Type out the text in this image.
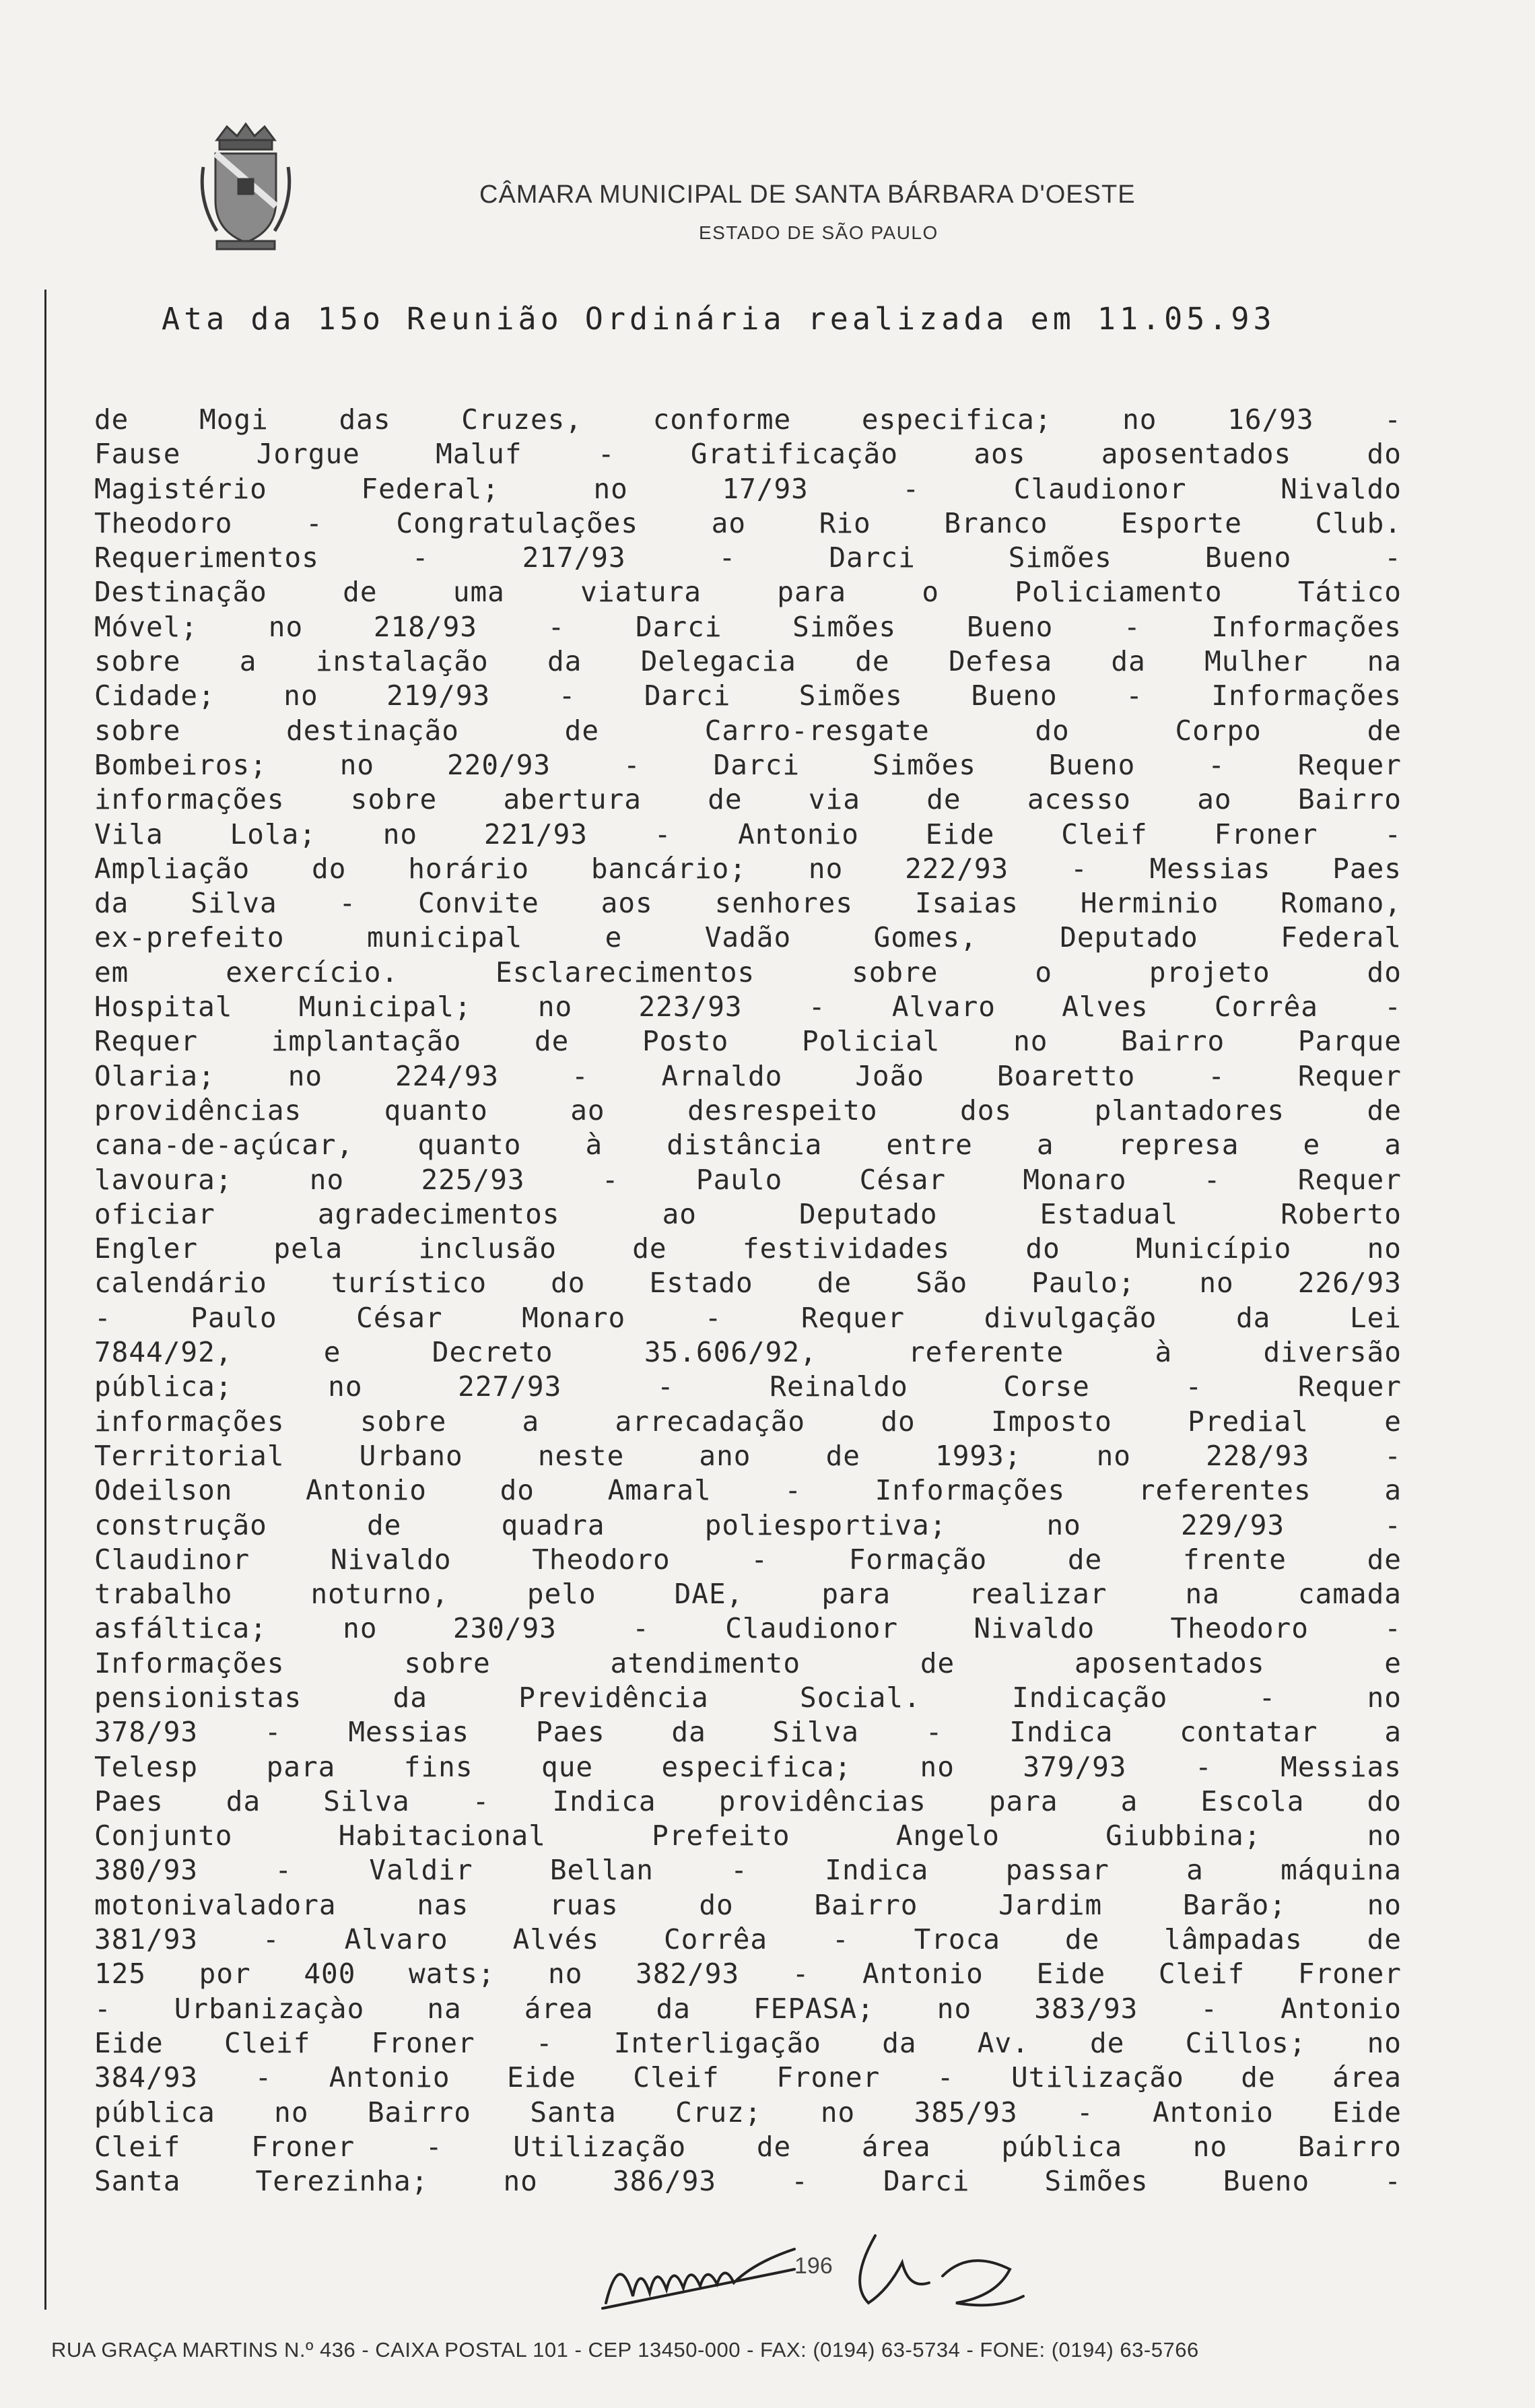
CÂMARA MUNICIPAL DE SANTA BÁRBARA D'OESTE
ESTADO DE SÃO PAULO
Ata da 15o Reunião Ordinária realizada em 11.05.93
de	Mogi	das	Cruzes,	conforme	especifica;	no	16/93	-
Fause	Jorgue	Maluf	-	Gratificação	aos	aposentados	do
Magistério	Federal;	no	17/93	-	Claudionor	Nivaldo
Theodoro	-	Congratulações	ao	Rio	Branco	Esporte	Club.
Requerimentos	-	217/93	-	Darci	Simões	Bueno	-
Destinação	de	uma	viatura	para	o	Policiamento	Tático
Móvel;	no	218/93	-	Darci	Simões	Bueno	-	Informações
sobre a instalação da Delegacia de Defesa da Mulher na
Cidade; no 219/93 - Darci Simões Bueno - Informações
sobre	destinação	de	Carro-resgate	do	Corpo	de
Bombeiros;	no	220/93	-	Darci	Simões	Bueno	-	Requer
informações sobre abertura de via de acesso ao Bairro
Vila Lola; no 221/93 - Antonio Eide Cleif Froner -
Ampliação do horário bancário; no 222/93 - Messias Paes
da Silva - Convite aos senhores Isaias Herminio Romano,
ex-prefeito	municipal	e	Vadão	Gomes,	Deputado	Federal
em	exercício.	Esclarecimentos	sobre	o	projeto	do
Hospital Municipal; no 223/93 - Alvaro Alves Corrêa -
Requer	implantação	de	Posto	Policial	no	Bairro	Parque
Olaria;	no	224/93	-	Arnaldo	João	Boaretto	-	Requer
providências	quanto	ao	desrespeito	dos	plantadores	de
cana-de-açúcar, quanto à distância entre a represa e a
lavoura;	no	225/93	-	Paulo	César	Monaro	-	Requer
oficiar	agradecimentos	ao	Deputado	Estadual	Roberto
Engler	pela	inclusão	de	festividades	do	Município	no
calendário turístico do Estado de São Paulo; no 226/93
-	Paulo	César	Monaro	-	Requer	divulgação	da	Lei
7844/92,	e	Decreto	35.606/92,	referente	à	diversão
pública;	no	227/93	-	Reinaldo	Corse	-	Requer
informações	sobre	a	arrecadação	do	Imposto	Predial	e
Territorial	Urbano	neste	ano	de	1993;	no	228/93	-
Odeilson	Antonio	do	Amaral	-	Informações	referentes	a
construção	de	quadra	poliesportiva;	no	229/93	-
Claudinor	Nivaldo	Theodoro	-	Formação	de	frente	de
trabalho	noturno,	pelo	DAE,	para	realizar	na	camada
asfáltica;	no	230/93	-	Claudionor	Nivaldo	Theodoro	-
Informações	sobre	atendimento	de	aposentados	e
pensionistas	da	Previdência	Social.	Indicação	-	no
378/93 - Messias Paes da Silva - Indica contatar a
Telesp para fins que especifica; no 379/93 - Messias
Paes da Silva - Indica providências para a Escola do
Conjunto	Habitacional	Prefeito	Angelo	Giubbina;	no
380/93	-	Valdir	Bellan	-	Indica	passar	a	máquina
motonivaladora	nas	ruas	do	Bairro	Jardim	Barão;	no
381/93 - Alvaro Alvés Corrêa - Troca de lâmpadas de
125 por 400 wats; no 382/93 - Antonio Eide Cleif Froner
- Urbanizaçào na área da FEPASA; no 383/93 - Antonio
Eide Cleif Froner - Interligação da Av. de Cillos; no
384/93 - Antonio Eide Cleif Froner - Utilização de área
pública no Bairro Santa Cruz; no 385/93 - Antonio Eide
Cleif	Froner	-	Utilização	de	área	pública	no	Bairro
Santa	Terezinha;	no	386/93	-	Darci	Simões	Bueno	-
196
RUA GRAÇA MARTINS N.º 436 - CAIXA POSTAL 101 - CEP 13450-000 - FAX: (0194) 63-5734 - FONE: (0194) 63-5766
